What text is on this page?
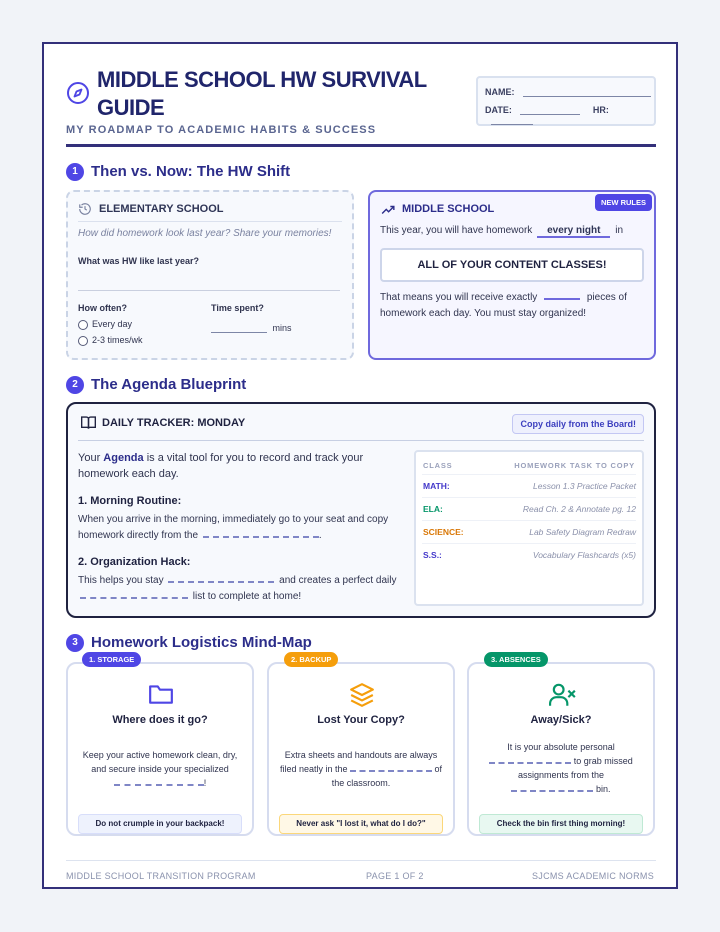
MIDDLE SCHOOL HW SURVIVAL GUIDE
MY ROADMAP TO ACADEMIC HABITS & SUCCESS
NAME:
DATE:	HR:
1 Then vs. Now: The HW Shift
ELEMENTARY SCHOOL
How did homework look last year? Share your memories!
What was HW like last year?
How often?
Every day
2-3 times/wk
Time spent?
mins
NEW RULES
MIDDLE SCHOOL
This year, you will have homework every night in
ALL OF YOUR CONTENT CLASSES!
That means you will receive exactly	pieces of homework each day. You must stay organized!
2 The Agenda Blueprint
DAILY TRACKER: MONDAY	Copy daily from the Board!
Your Agenda is a vital tool for you to record and track your homework each day.
1. Morning Routine:
When you arrive in the morning, immediately go to your seat and copy homework directly from the	.
2. Organization Hack:
This helps you stay	and creates a perfect daily  list to complete at home!
CLASS	HOMEWORK TASK TO COPY
MATH:	Lesson 1.3 Practice Packet
ELA:	Read Ch. 2 & Annotate pg. 12
SCIENCE:	Lab Safety Diagram Redraw
S.S.:	Vocabulary Flashcards (x5)
3 Homework Logistics Mind-Map
Where does it go?
Keep your active homework clean, dry, and secure inside your specialized !
Do not crumple in your backpack!
1. STORAGE
Lost Your Copy?
Extra sheets and handouts are always filed neatly in the	of the classroom.
Never ask "I lost it, what do I do?"
2. BACKUP
Away/Sick?
It is your absolute personal  to grab missed assignments from the  bin.
Check the bin first thing morning!
3. ABSENCES
MIDDLE SCHOOL TRANSITION PROGRAM	PAGE 1 OF 2	SJCMS ACADEMIC NORMS
